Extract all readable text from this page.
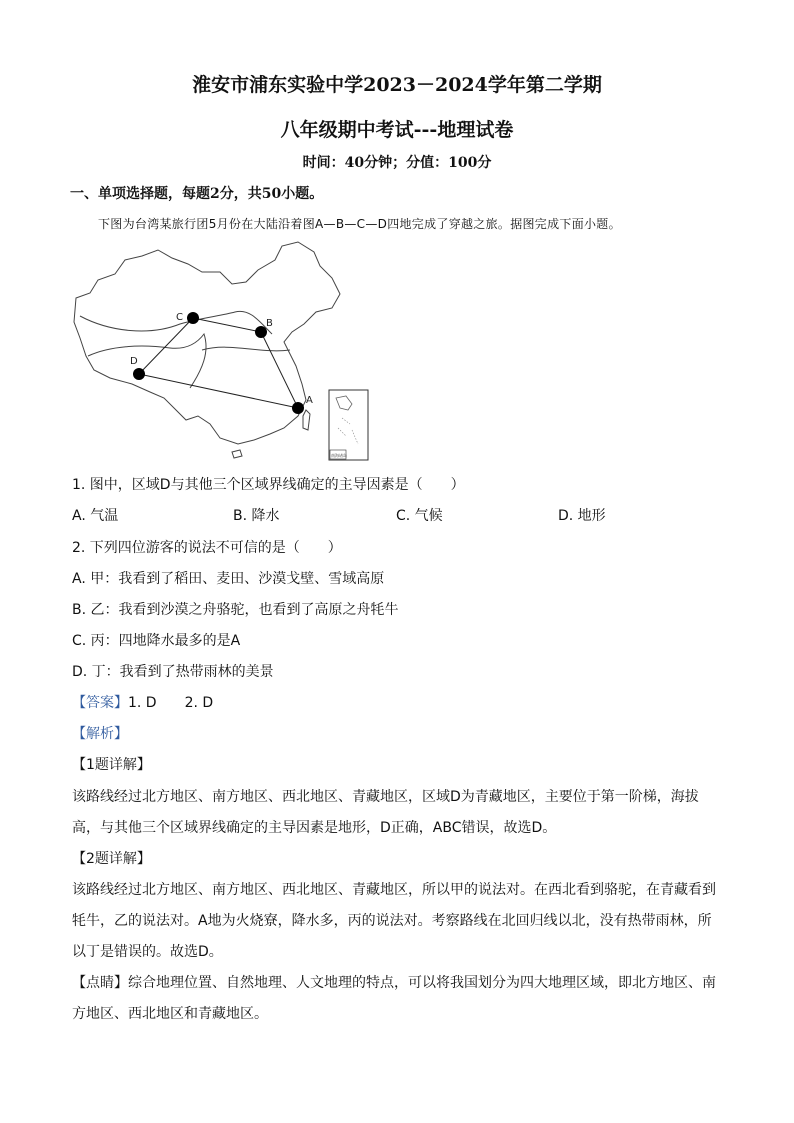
淮安市浦东实验中学2023－2024学年第二学期
八年级期中考试---地理试卷
时间：40分钟；分值：100分
一、单项选择题，每题2分，共50小题。
下图为台湾某旅行团5月份在大陆沿着图A—B—C—D四地完成了穿越之旅。据图完成下面小题。
A
B
C
D
南海诸岛
1. 图中，区域D与其他三个区域界线确定的主导因素是（　　）
A. 气温	B. 降水	C. 气候	D. 地形
2. 下列四位游客的说法不可信的是（　　）
A. 甲：我看到了稻田、麦田、沙漠戈壁、雪域高原
B. 乙：我看到沙漠之舟骆驼，也看到了高原之舟牦牛
C. 丙：四地降水最多的是A
D. 丁：我看到了热带雨林的美景
【答案】1. D　　2. D
【解析】
【1题详解】
该路线经过北方地区、南方地区、西北地区、青藏地区，区域D为青藏地区，主要位于第一阶梯，海拔
高，与其他三个区域界线确定的主导因素是地形，D正确，ABC错误，故选D。
【2题详解】
该路线经过北方地区、南方地区、西北地区、青藏地区，所以甲的说法对。在西北看到骆驼，在青藏看到
牦牛，乙的说法对。A地为火烧寮，降水多，丙的说法对。考察路线在北回归线以北，没有热带雨林，所
以丁是错误的。故选D。
【点睛】综合地理位置、自然地理、人文地理的特点，可以将我国划分为四大地理区域，即北方地区、南
方地区、西北地区和青藏地区。
